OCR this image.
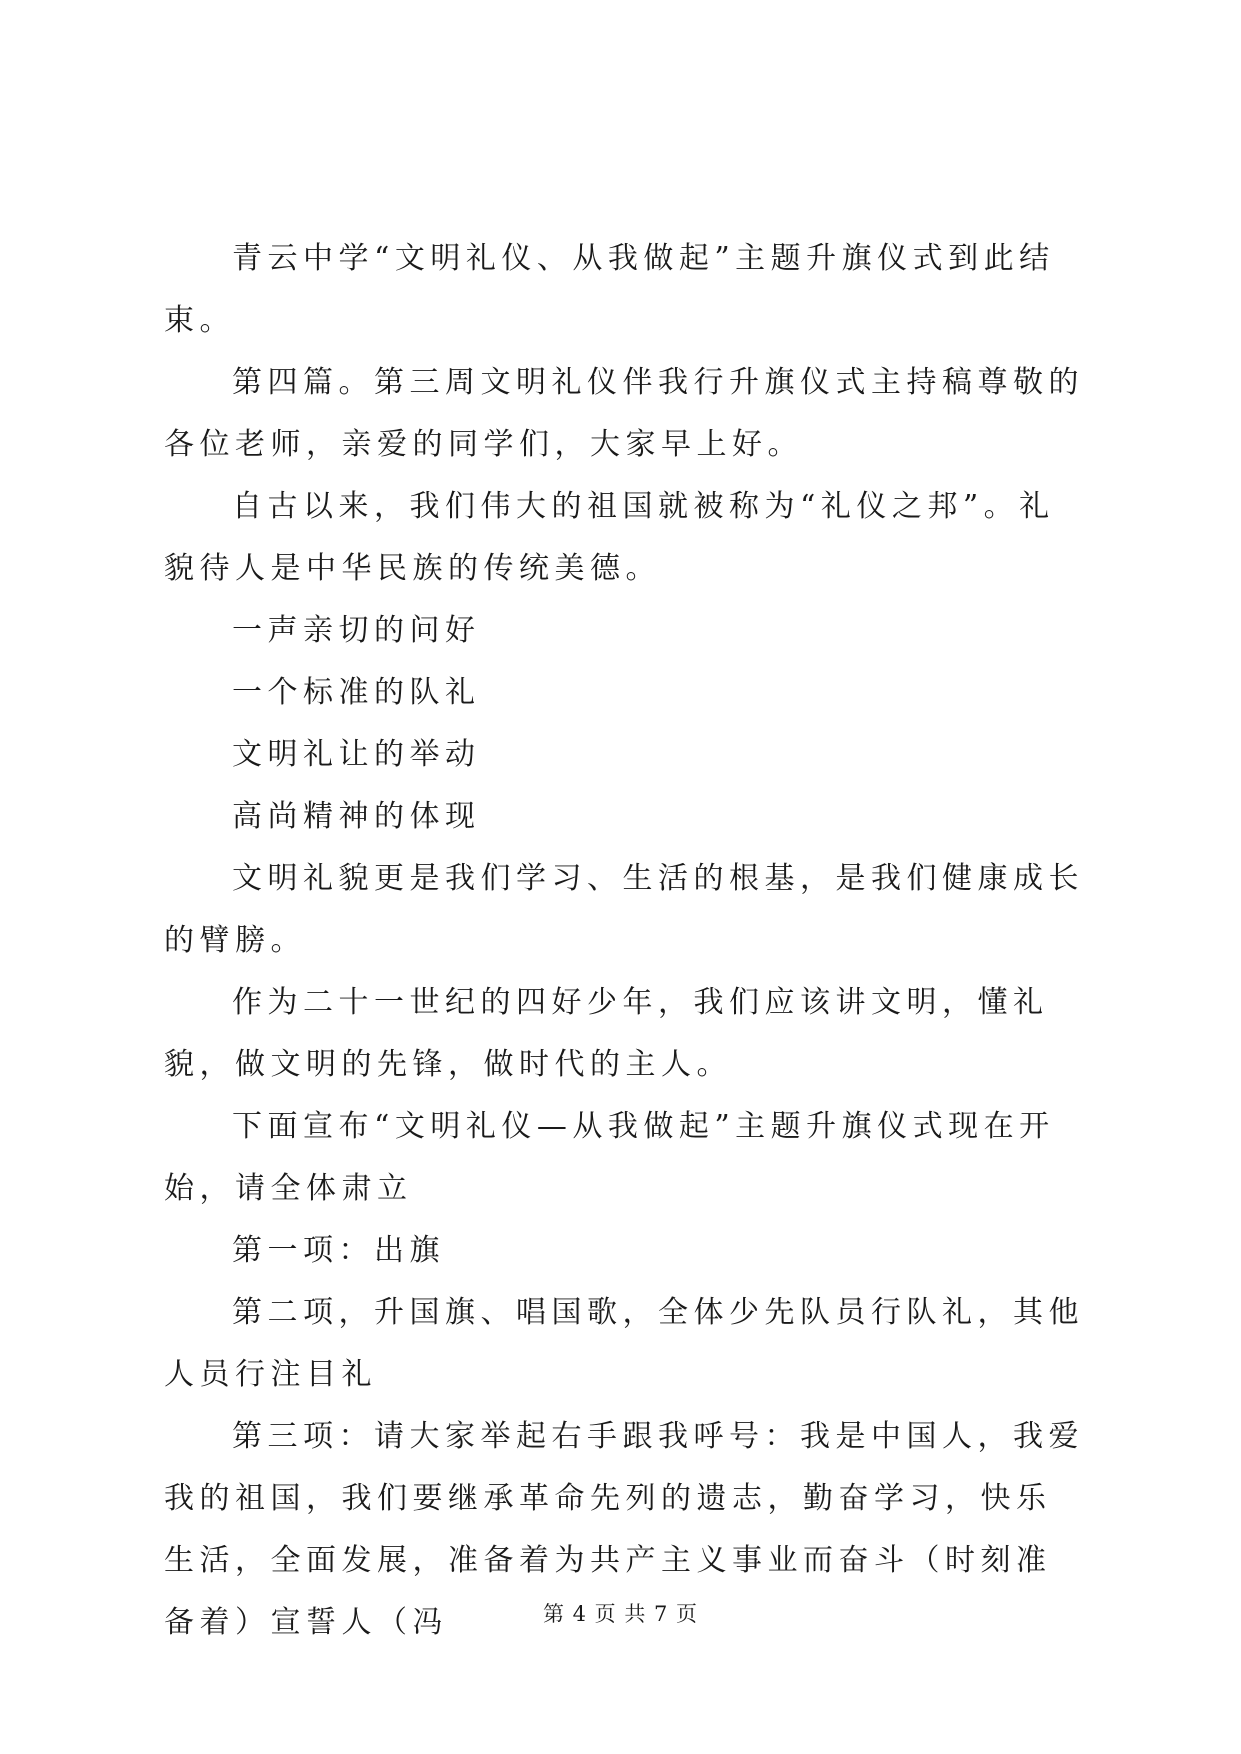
青云中学“文明礼仪、从我做起”主题升旗仪式到此结束。

第四篇。第三周文明礼仪伴我行升旗仪式主持稿尊敬的各位老师，亲爱的同学们，大家早上好。

自古以来，我们伟大的祖国就被称为“礼仪之邦”。礼貌待人是中华民族的传统美德。

一声亲切的问好

一个标准的队礼

文明礼让的举动

高尚精神的体现

文明礼貌更是我们学习、生活的根基，是我们健康成长的臂膀。

作为二十一世纪的四好少年，我们应该讲文明，懂礼貌，做文明的先锋，做时代的主人。

下面宣布“文明礼仪—从我做起”主题升旗仪式现在开始，请全体肃立

第一项：出旗

第二项，升国旗、唱国歌，全体少先队员行队礼，其他人员行注目礼

第三项：请大家举起右手跟我呼号：我是中国人，我爱我的祖国，我们要继承革命先列的遗志，勤奋学习，快乐生活，全面发展，准备着为共产主义事业而奋斗（时刻准备着）宣誓人（冯	第 4 页 共 7 页
